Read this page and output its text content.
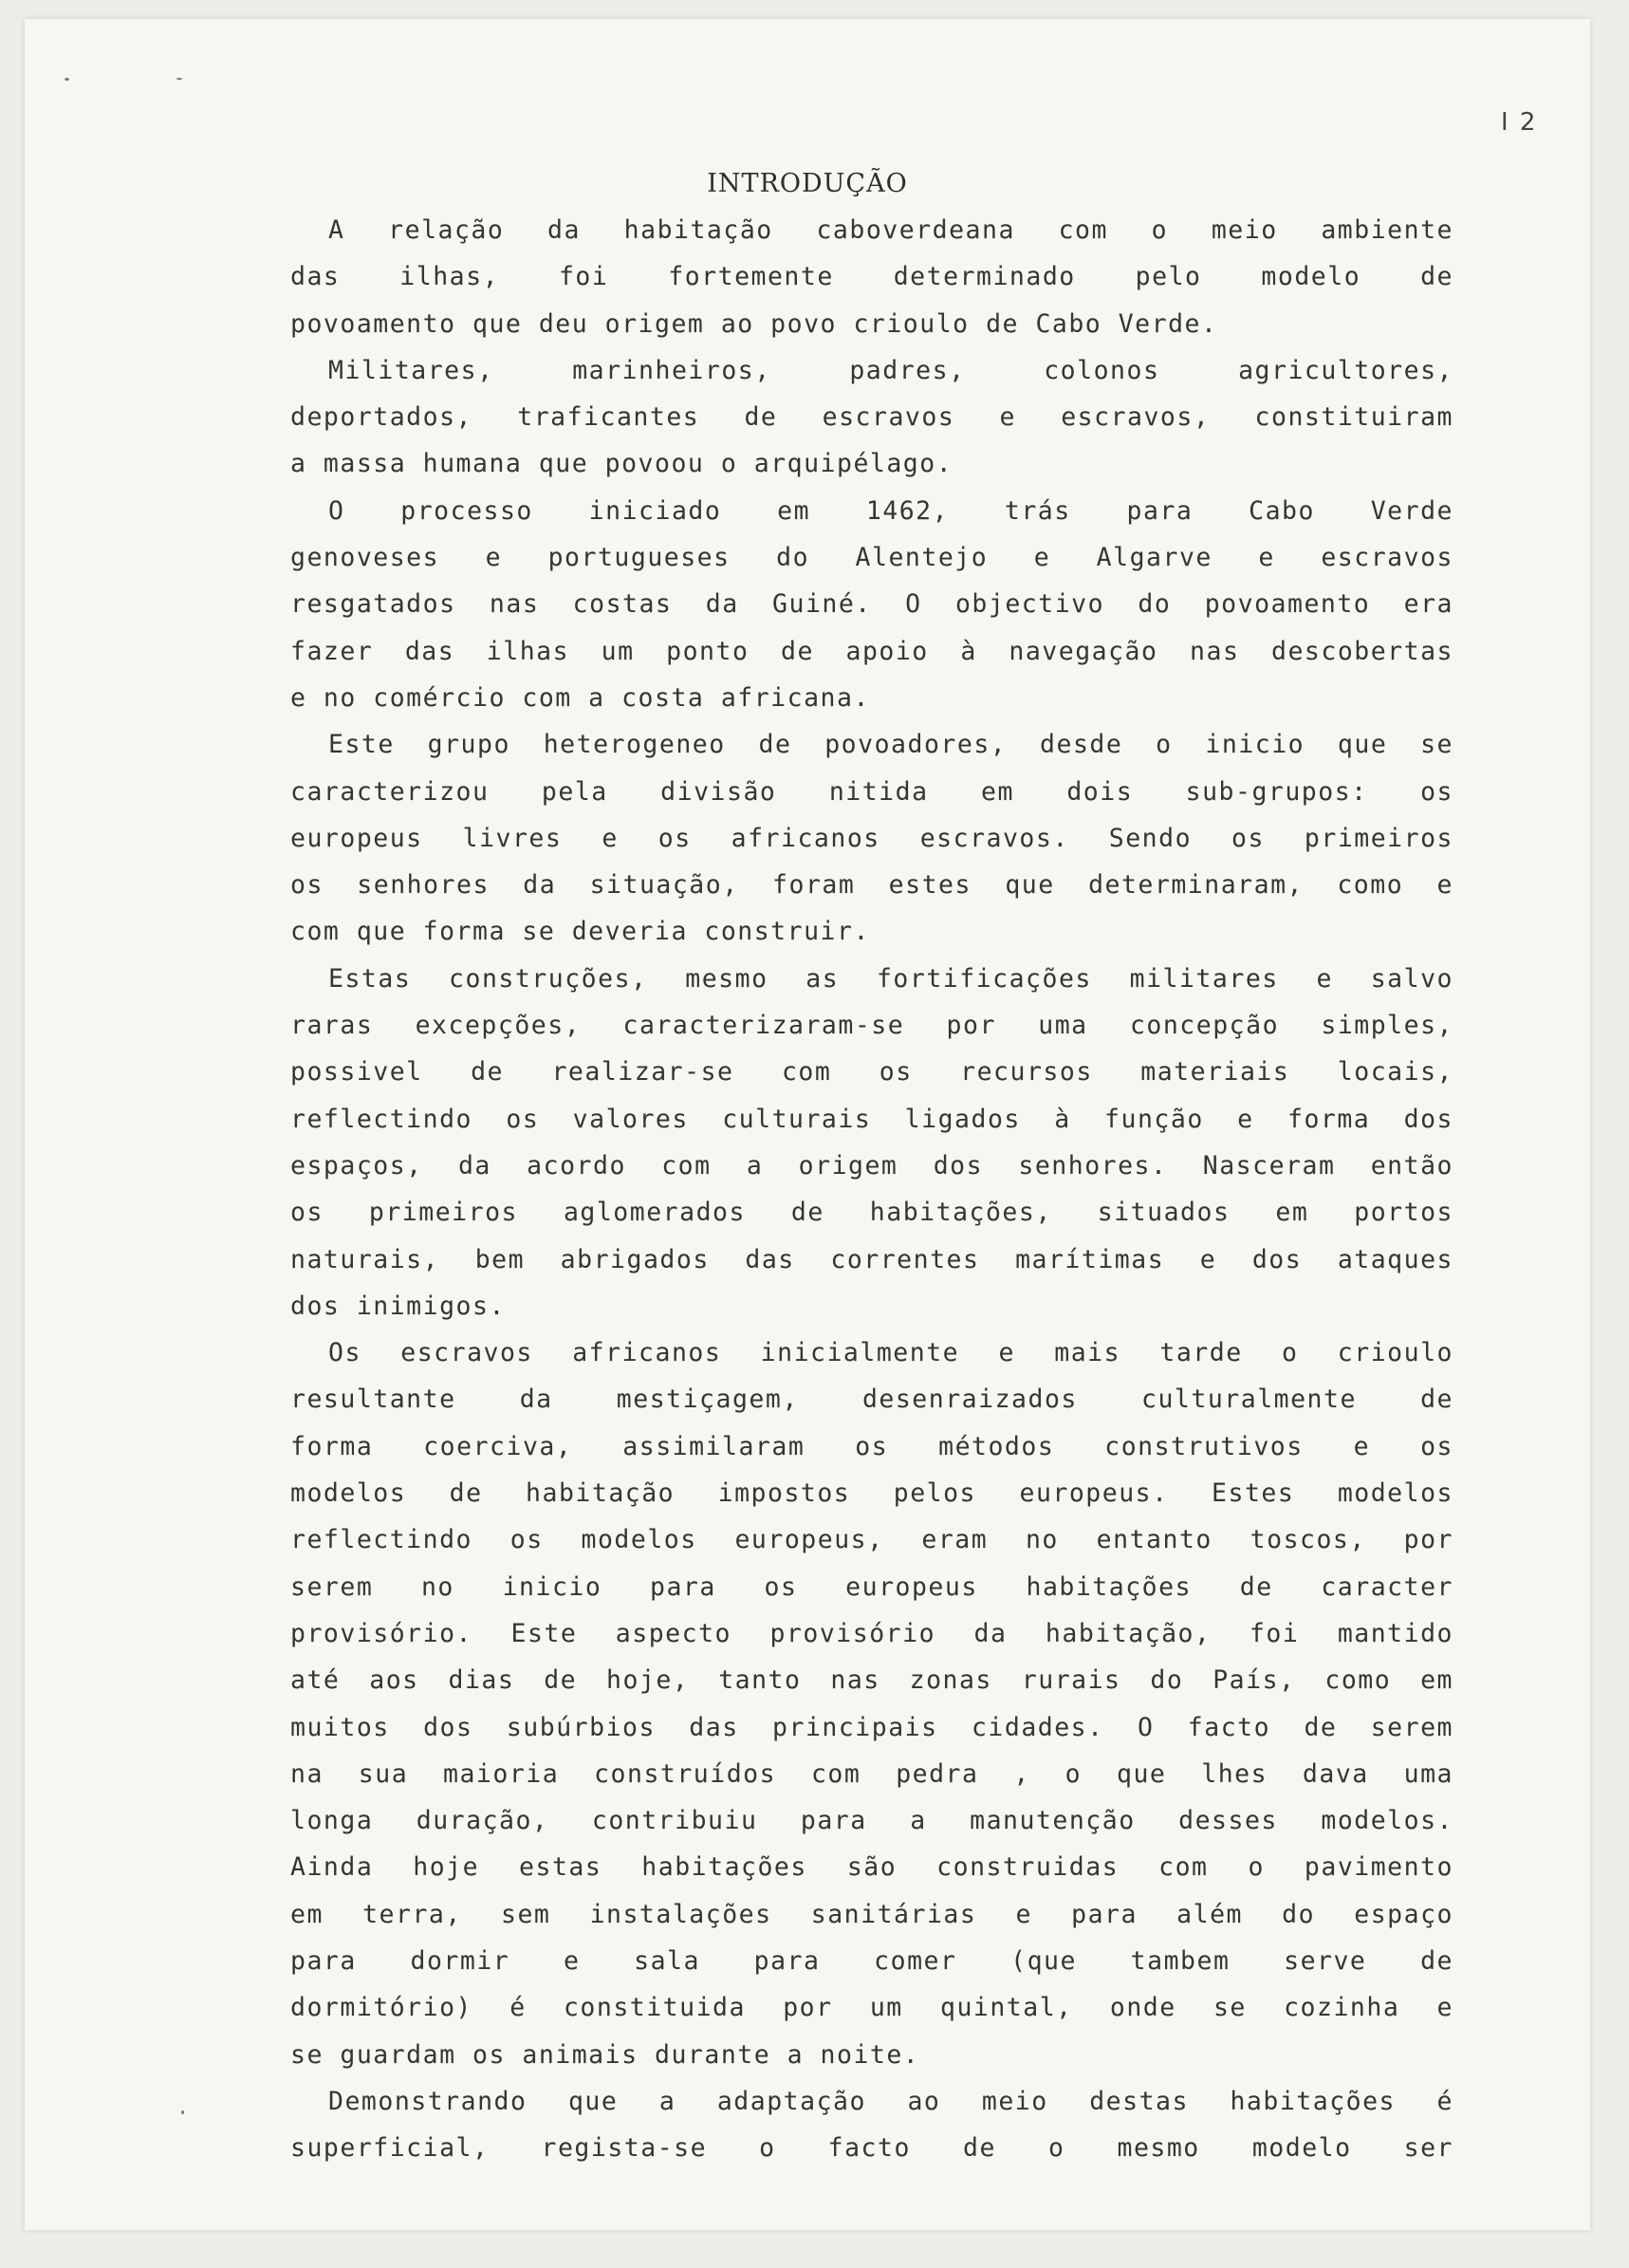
I 2
INTRODUÇÃO
A relação da habitação caboverdeana com o meio ambiente
das ilhas, foi fortemente determinado pelo modelo de
povoamento que deu origem ao povo crioulo de Cabo Verde.
Militares, marinheiros, padres, colonos agricultores,
deportados, traficantes de escravos e escravos, constituiram
a massa humana que povoou o arquipélago.
O processo iniciado em 1462, trás para Cabo Verde
genoveses e portugueses do Alentejo e Algarve e escravos
resgatados nas costas da Guiné. O objectivo do povoamento era
fazer das ilhas um ponto de apoio à navegação nas descobertas
e no comércio com a costa africana.
Este grupo heterogeneo de povoadores, desde o inicio que se
caracterizou pela divisão nitida em dois sub-grupos: os
europeus livres e os africanos escravos. Sendo os primeiros
os senhores da situação, foram estes que determinaram, como e
com que forma se deveria construir.
Estas construções, mesmo as fortificações militares e salvo
raras excepções, caracterizaram-se por uma concepção simples,
possivel de realizar-se com os recursos materiais locais,
reflectindo os valores culturais ligados à função e forma dos
espaços, da acordo com a origem dos senhores. Nasceram então
os primeiros aglomerados de habitações, situados em portos
naturais, bem abrigados das correntes marítimas e dos ataques
dos inimigos.
Os escravos africanos inicialmente e mais tarde o crioulo
resultante da mestiçagem, desenraizados culturalmente de
forma coerciva, assimilaram os métodos construtivos e os
modelos de habitação impostos pelos europeus. Estes modelos
reflectindo os modelos europeus, eram no entanto toscos, por
serem no inicio para os europeus habitações de caracter
provisório. Este aspecto provisório da habitação, foi mantido
até aos dias de hoje, tanto nas zonas rurais do País, como em
muitos dos subúrbios das principais cidades. O facto de serem
na sua maioria construídos com pedra , o que lhes dava uma
longa duração, contribuiu para a manutenção desses modelos.
Ainda hoje estas habitações são construidas com o pavimento
em terra, sem instalações sanitárias e para além do espaço
para dormir e sala para comer (que tambem serve de
dormitório) é constituida por um quintal, onde se cozinha e
se guardam os animais durante a noite.
Demonstrando que a adaptação ao meio destas habitações é
superficial, regista-se o facto de o mesmo modelo ser
